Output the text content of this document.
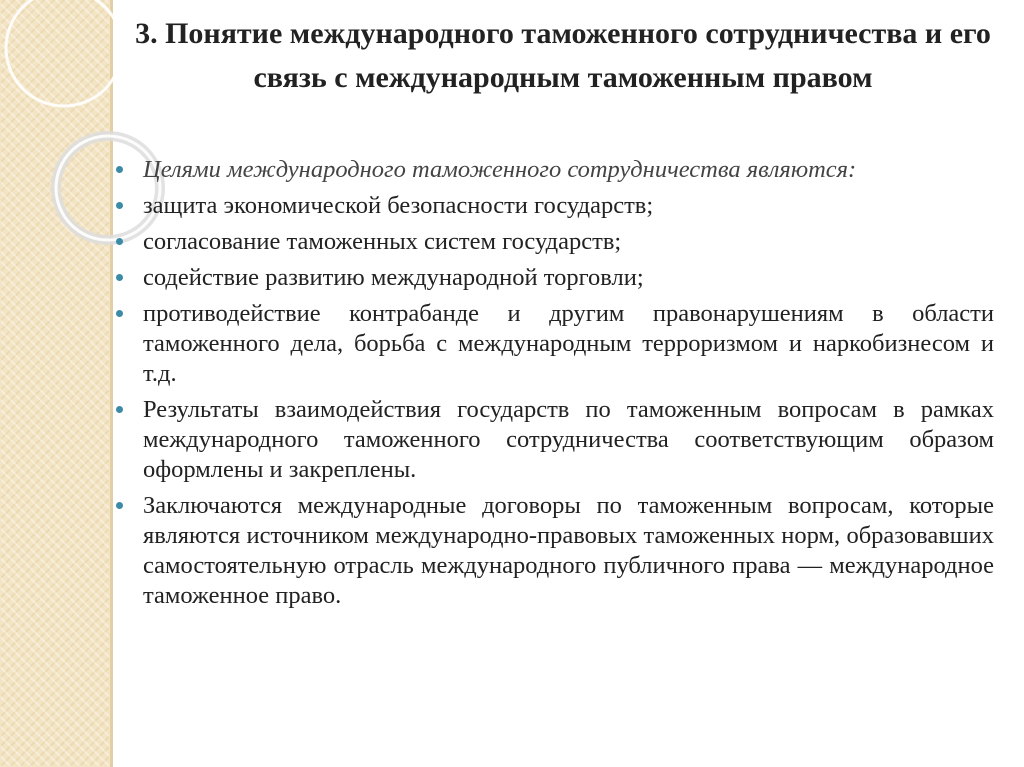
3. Понятие международного таможенного сотрудничества и его связь с международным таможенным правом
Целями международного таможенного сотрудничества являются:
защита экономической безопасности государств;
согласование таможенных систем государств;
содействие развитию международной торговли;
противодействие контрабанде и другим правонарушениям в области таможенного дела, борьба с международным терроризмом и наркобизнесом и т.д.
Результаты взаимодействия государств по таможенным вопросам в рамках международного таможенного сотрудничества соответствующим образом оформлены и закреплены.
Заключаются международные договоры по таможенным вопросам, которые являются источником международно-правовых таможенных норм, образовавших самостоятельную отрасль международного публичного права — международное таможенное право.
